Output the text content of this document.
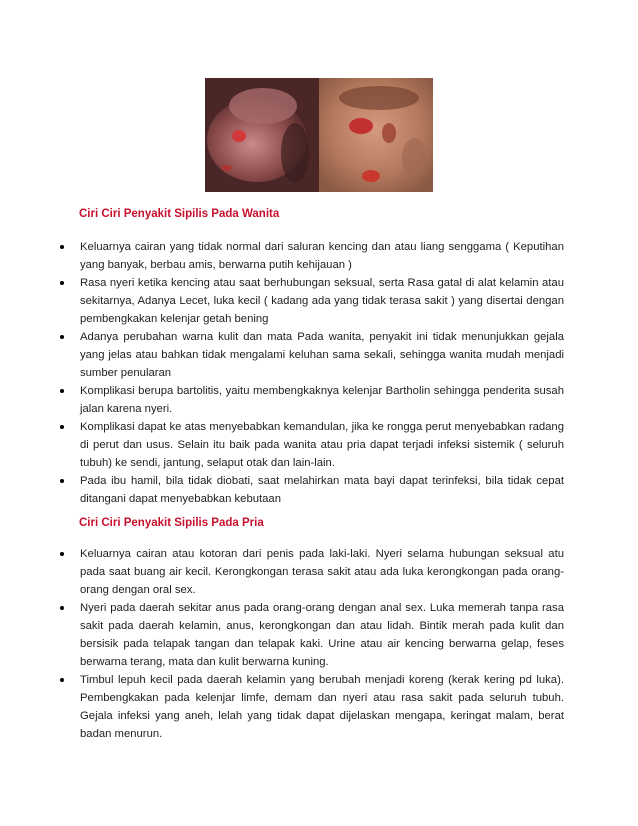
Ciri Ciri Penyakit Sipilis Pada Wanita
Keluarnya cairan yang tidak normal dari saluran kencing dan atau liang senggama ( Keputihan yang banyak, berbau amis, berwarna putih kehijauan )
Rasa nyeri ketika kencing atau saat berhubungan seksual, serta Rasa gatal di alat kelamin atau sekitarnya, Adanya Lecet, luka kecil ( kadang ada yang tidak terasa sakit ) yang disertai dengan pembengkakan kelenjar getah bening
Adanya perubahan warna kulit dan mata Pada wanita, penyakit ini tidak menunjukkan gejala yang jelas atau bahkan tidak mengalami keluhan sama sekali, sehingga wanita mudah menjadi sumber penularan
Komplikasi berupa bartolitis, yaitu membengkaknya kelenjar Bartholin sehingga penderita susah jalan karena nyeri.
Komplikasi dapat ke atas menyebabkan kemandulan, jika ke rongga perut menyebabkan radang di perut dan usus. Selain itu baik pada wanita atau pria dapat terjadi infeksi sistemik ( seluruh tubuh) ke sendi, jantung, selaput otak dan lain-lain.
Pada ibu hamil, bila tidak diobati, saat melahirkan mata bayi dapat terinfeksi, bila tidak cepat ditangani dapat menyebabkan kebutaan
Ciri Ciri Penyakit Sipilis Pada Pria
Keluarnya cairan atau kotoran dari penis pada laki-laki. Nyeri selama hubungan seksual atu pada saat buang air kecil. Kerongkongan terasa sakit atau ada luka kerongkongan pada orang-orang dengan oral sex.
Nyeri pada daerah sekitar anus pada orang-orang dengan anal sex. Luka memerah tanpa rasa sakit pada daerah kelamin, anus, kerongkongan dan atau lidah. Bintik merah pada kulit dan bersisik pada telapak tangan dan telapak kaki. Urine atau air kencing berwarna gelap, feses berwarna terang, mata dan kulit berwarna kuning.
Timbul lepuh kecil pada daerah kelamin yang berubah menjadi koreng (kerak kering pd luka). Pembengkakan pada kelenjar limfe, demam dan nyeri atau rasa sakit pada seluruh tubuh. Gejala infeksi yang aneh, lelah yang tidak dapat dijelaskan mengapa, keringat malam, berat badan menurun.
